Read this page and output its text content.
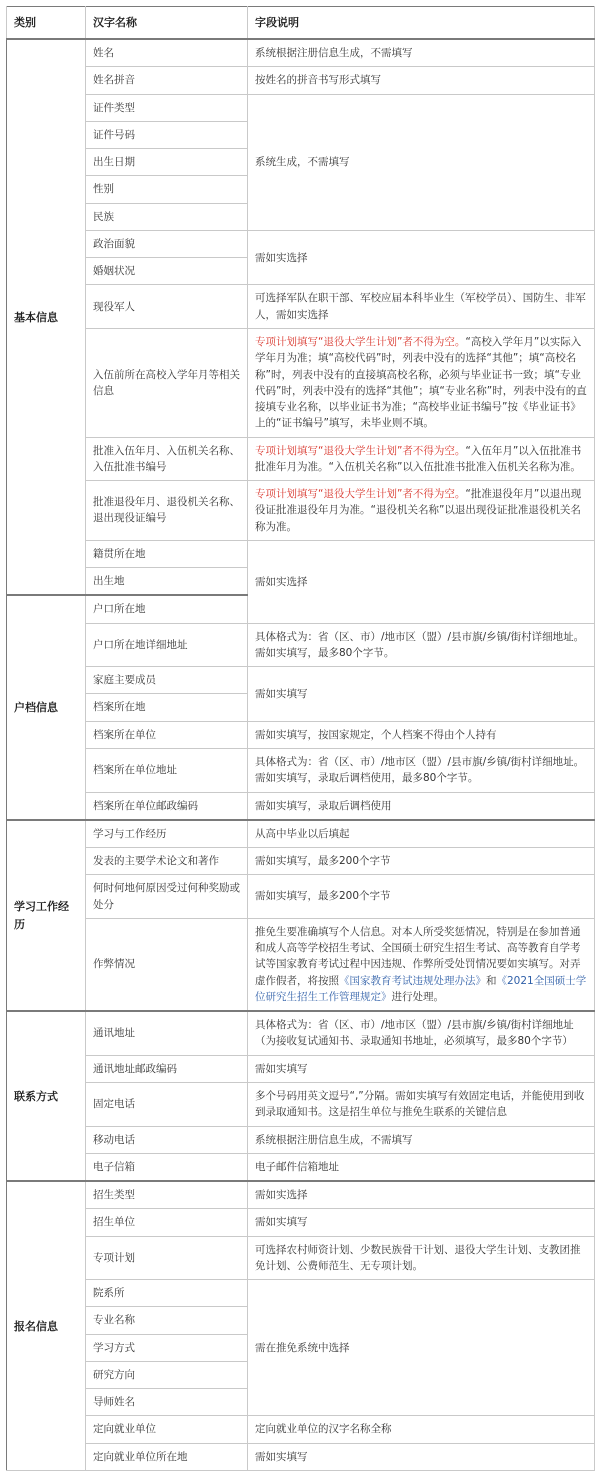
类别	汉字名称	字段说明
基本信息	姓名	系统根据注册信息生成，不需填写

	姓名拼音	按姓名的拼音书写形式填写

	证件类型	系统生成，不需填写

	证件号码	
	出生日期	
	性别	
	民族	
	政治面貌	需如实选择

	婚姻状况	
	现役军人	可选择军队在职干部、军校应届本科毕业生（军校学员）、国防生、非军人，需如实选择

	入伍前所在高校入学年月等相关信息	专项计划填写“退役大学生计划”者不得为空。“高校入学年月”以实际入学年月为准；填“高校代码”时，列表中没有的选择“其他”；填“高校名称”时，列表中没有的直接填高校名称，必须与毕业证书一致；填“专业代码”时，列表中没有的选择“其他”；填“专业名称”时，列表中没有的直接填专业名称，以毕业证书为准；“高校毕业证书编号”按《毕业证书》上的“证书编号”填写，未毕业则不填。

	批准入伍年月、入伍机关名称、入伍批准书编号	专项计划填写“退役大学生计划”者不得为空。“入伍年月”以入伍批准书批准年月为准。“入伍机关名称”以入伍批准书批准入伍机关名称为准。

	批准退役年月、退役机关名称、退出现役证编号	专项计划填写“退役大学生计划”者不得为空。“批准退役年月”以退出现役证批准退役年月为准。“退役机关名称”以退出现役证批准退役机关名称为准。

	籍贯所在地	需如实选择

	出生地	
户档信息	户口所在地	
	户口所在地详细地址	具体格式为：省（区、市）/地市区（盟）/县市旗/乡镇/街村详细地址。需如实填写，最多80个字节。

	家庭主要成员	需如实填写

	档案所在地	
	档案所在单位	需如实填写，按国家规定，个人档案不得由个人持有

	档案所在单位地址	具体格式为：省（区、市）/地市区（盟）/县市旗/乡镇/街村详细地址。需如实填写，录取后调档使用，最多80个字节。

	档案所在单位邮政编码	需如实填写，录取后调档使用

学习工作经历	学习与工作经历	从高中毕业以后填起

	发表的主要学术论文和著作	需如实填写，最多200个字节

	何时何地何原因受过何种奖励或处分	需如实填写，最多200个字节

	作弊情况	推免生要准确填写个人信息。对本人所受奖惩情况，特别是在参加普通和成人高等学校招生考试、全国硕士研究生招生考试、高等教育自学考试等国家教育考试过程中因违规、作弊所受处罚情况要如实填写。对弄虚作假者，将按照《国家教育考试违规处理办法》和《2021全国硕士学位研究生招生工作管理规定》进行处理。

联系方式	通讯地址	具体格式为：省（区、市）/地市区（盟）/县市旗/乡镇/街村详细地址（为接收复试通知书、录取通知书地址，必须填写，最多80个字节）

	通讯地址邮政编码	需如实填写

	固定电话	多个号码用英文逗号“,”分隔。需如实填写有效固定电话，并能使用到收到录取通知书。这是招生单位与推免生联系的关键信息

	移动电话	系统根据注册信息生成，不需填写

	电子信箱	电子邮件信箱地址

报名信息	招生类型	需如实选择

	招生单位	需如实填写

	专项计划	可选择农村师资计划、少数民族骨干计划、退役大学生计划、支教团推免计划、公费师范生、无专项计划。

	院系所	需在推免系统中选择

	专业名称	
	学习方式	
	研究方向	
	导师姓名	
	定向就业单位	定向就业单位的汉字名称全称

	定向就业单位所在地	需如实填写
